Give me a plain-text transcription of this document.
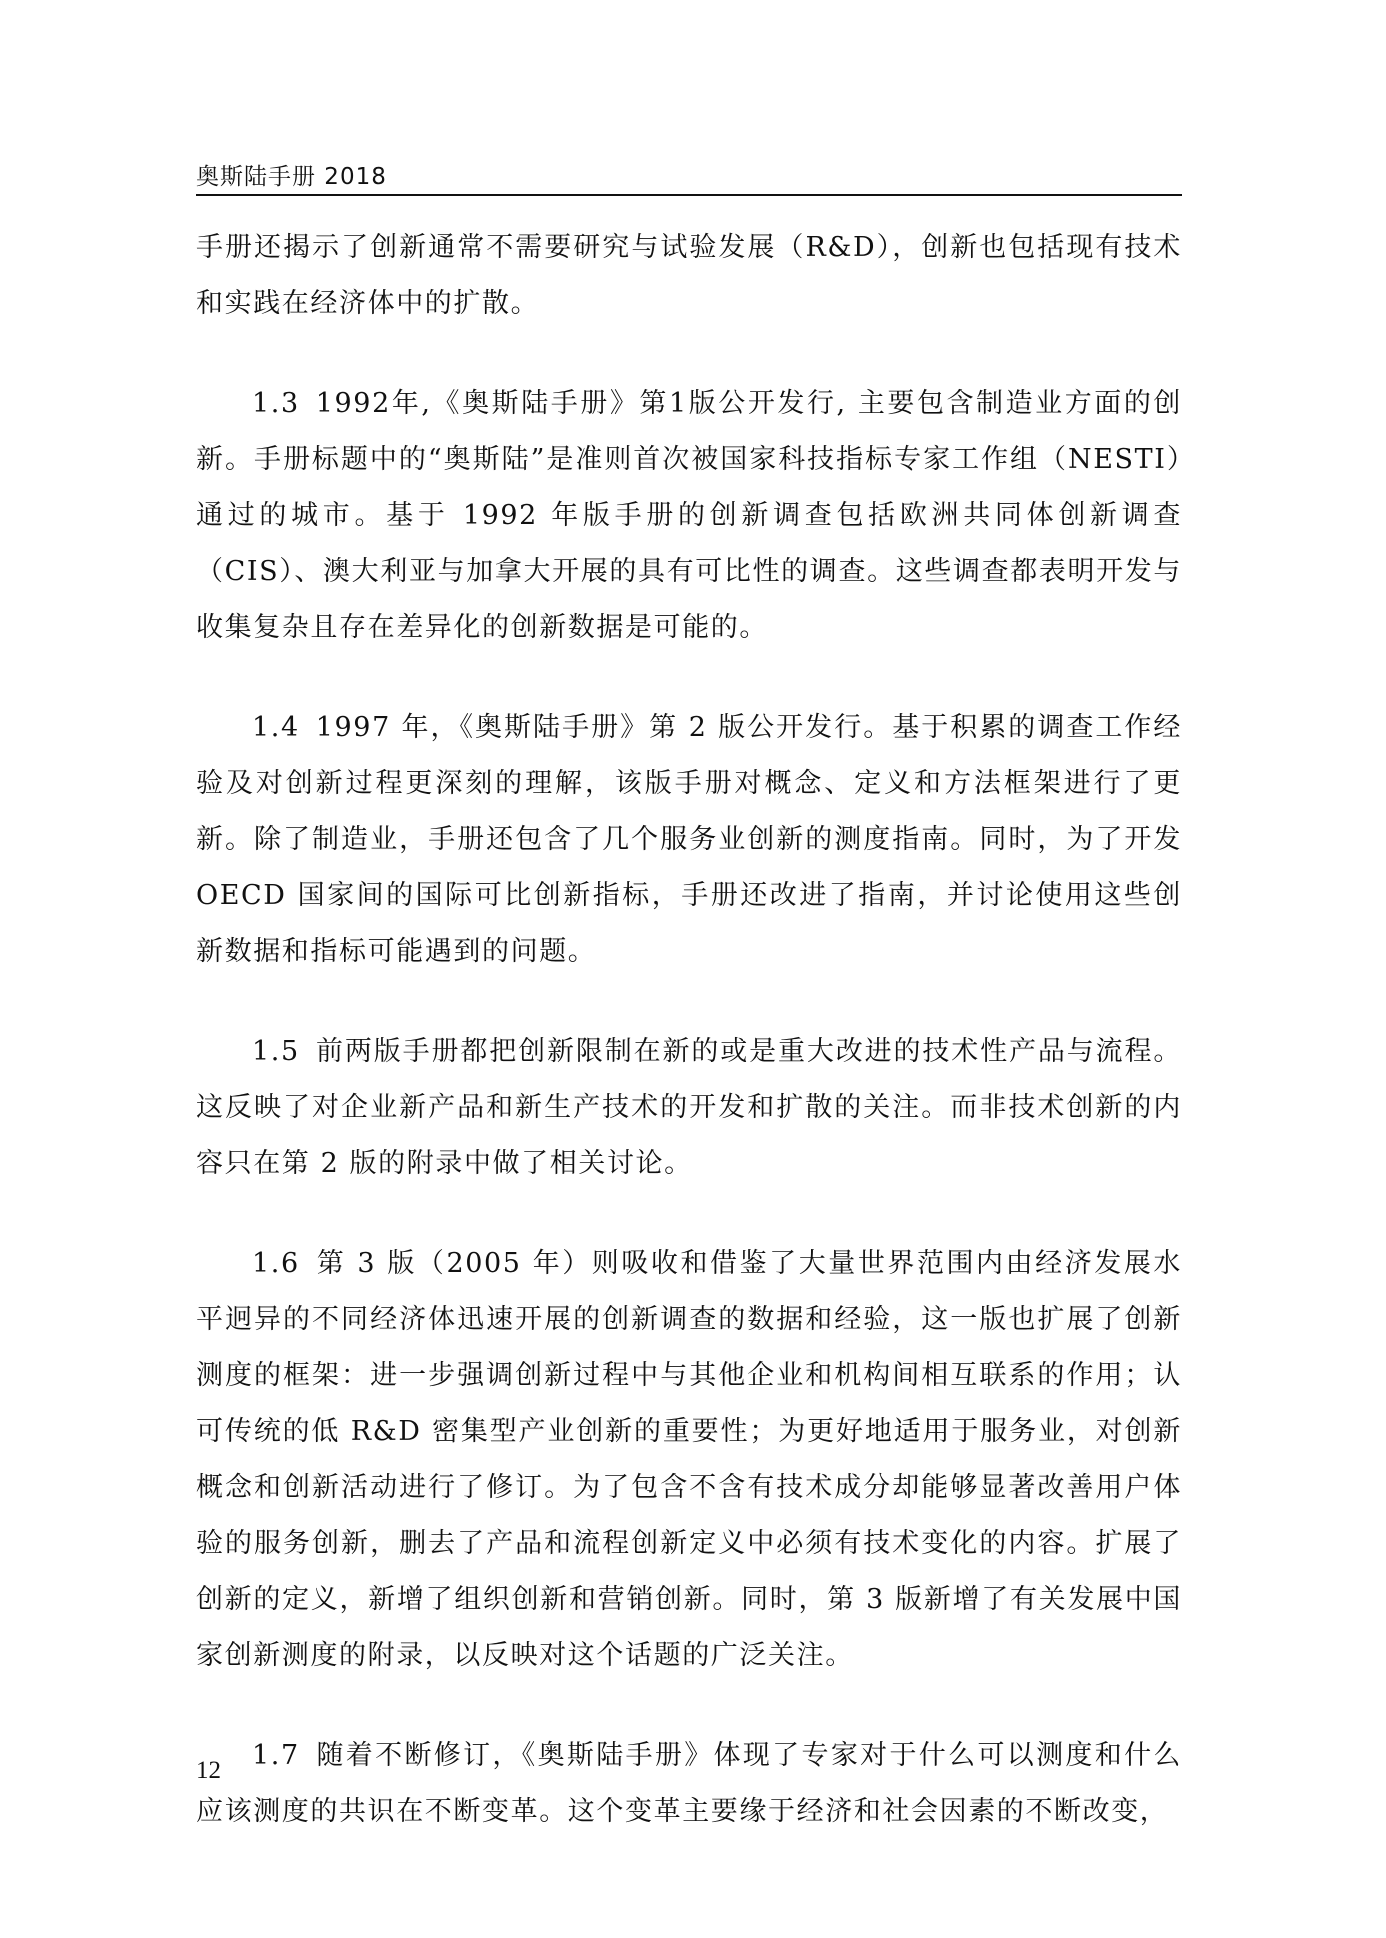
奥斯陆手册 2018

手册还揭示了创新通常不需要研究与试验发展（R&D），创新也包括现有技术和实践在经济体中的扩散。

1.3 1992年,《奥斯陆手册》第1版公开发行, 主要包含制造业方面的创新。手册标题中的“奥斯陆”是准则首次被国家科技指标专家工作组（NESTI）通过的城市。基于 1992 年版手册的创新调查包括欧洲共同体创新调查（CIS）、澳大利亚与加拿大开展的具有可比性的调查。这些调查都表明开发与收集复杂且存在差异化的创新数据是可能的。

1.4 1997 年，《奥斯陆手册》第 2 版公开发行。基于积累的调查工作经验及对创新过程更深刻的理解，该版手册对概念、定义和方法框架进行了更新。除了制造业，手册还包含了几个服务业创新的测度指南。同时，为了开发 OECD 国家间的国际可比创新指标，手册还改进了指南，并讨论使用这些创新数据和指标可能遇到的问题。

1.5 前两版手册都把创新限制在新的或是重大改进的技术性产品与流程。这反映了对企业新产品和新生产技术的开发和扩散的关注。而非技术创新的内容只在第 2 版的附录中做了相关讨论。

1.6 第 3 版（2005 年）则吸收和借鉴了大量世界范围内由经济发展水平迥异的不同经济体迅速开展的创新调查的数据和经验，这一版也扩展了创新测度的框架：进一步强调创新过程中与其他企业和机构间相互联系的作用；认可传统的低 R&D 密集型产业创新的重要性；为更好地适用于服务业，对创新概念和创新活动进行了修订。为了包含不含有技术成分却能够显著改善用户体验的服务创新，删去了产品和流程创新定义中必须有技术变化的内容。扩展了创新的定义，新增了组织创新和营销创新。同时，第 3 版新增了有关发展中国家创新测度的附录，以反映对这个话题的广泛关注。

1.7 随着不断修订，《奥斯陆手册》体现了专家对于什么可以测度和什么应该测度的共识在不断变革。这个变革主要缘于经济和社会因素的不断改变，

12
